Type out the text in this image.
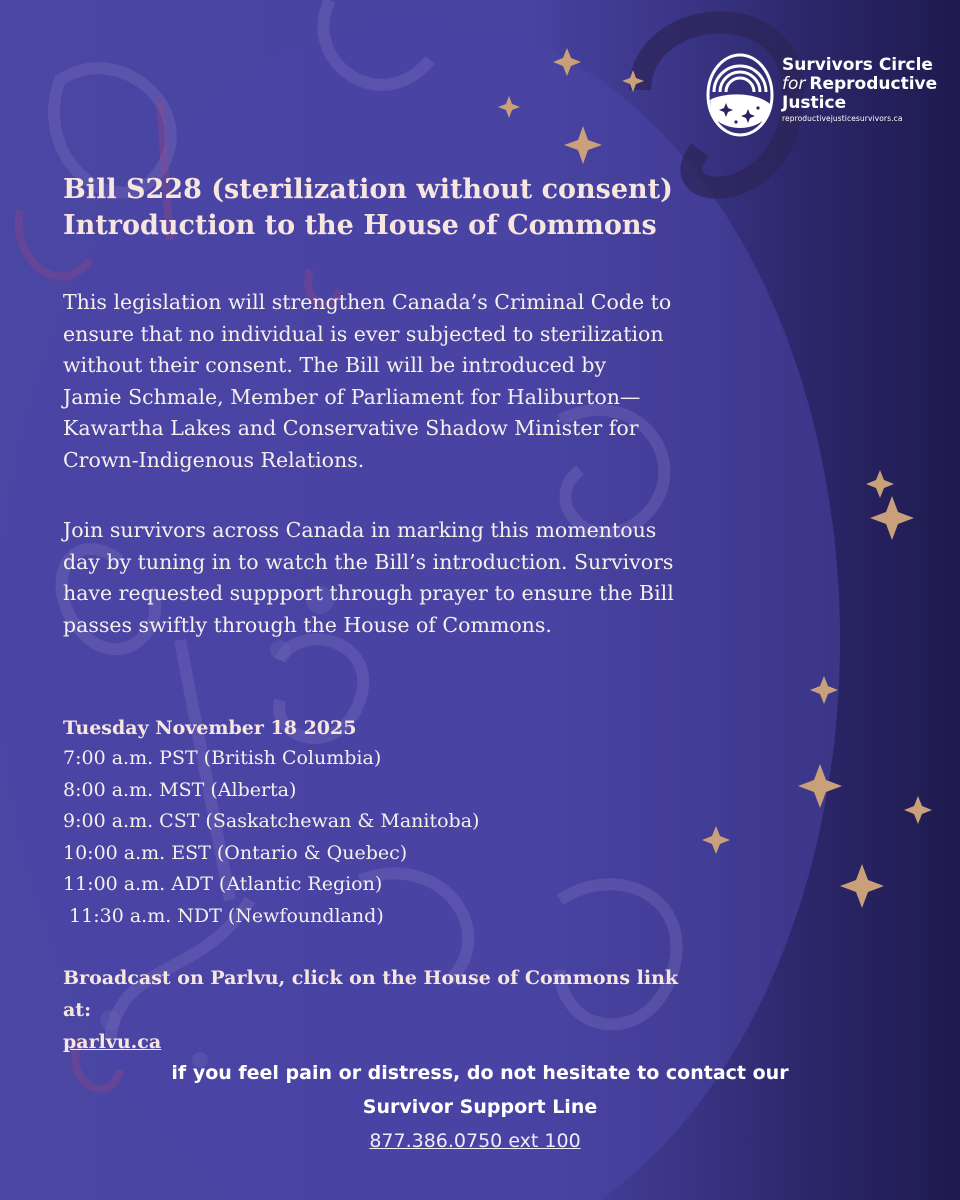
Survivors Circle
for Reproductive
Justice
reproductivejusticesurvivors.ca
Bill S228 (sterilization without consent)
Introduction to the House of Commons

This legislation will strengthen Canada’s Criminal Code to
ensure that no individual is ever subjected to sterilization
without their consent. The Bill will be introduced by
Jamie Schmale, Member of Parliament for Haliburton—
Kawartha Lakes and Conservative Shadow Minister for
Crown-Indigenous Relations.

Join survivors across Canada in marking this momentous
day by tuning in to watch the Bill’s introduction. Survivors
have requested suppport through prayer to ensure the Bill
passes swiftly through the House of Commons.

Tuesday November 18 2025
7:00 a.m. PST (British Columbia)
8:00 a.m. MST (Alberta)
9:00 a.m. CST (Saskatchewan & Manitoba)
10:00 a.m. EST (Ontario & Quebec)
11:00 a.m. ADT (Atlantic Region)
11:30 a.m. NDT (Newfoundland)
Broadcast on Parlvu, click on the House of Commons link
at:
parlvu.ca
if you feel pain or distress, do not hesitate to contact our
Survivor Support Line
877.386.0750 ext 100
